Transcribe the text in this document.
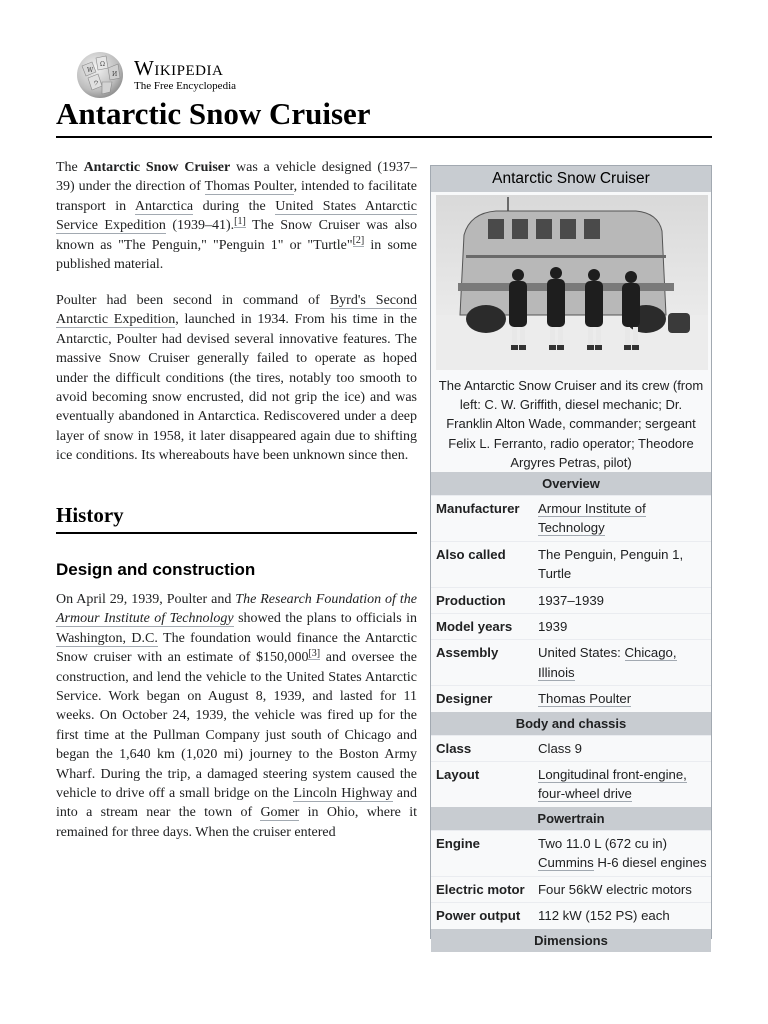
W
Ω
И
ウ
Wikipedia
The Free Encyclopedia
Antarctic Snow Cruiser

The Antarctic Snow Cruiser was a vehicle designed (1937–39) under the direction of Thomas Poulter, intended to facilitate transport in Antarctica during the United States Antarctic Service Expedition (1939–41).[1] The Snow Cruiser was also known as "The Penguin," "Penguin 1" or "Turtle"[2] in some published material.

Poulter had been second in command of Byrd's Second Antarctic Expedition, launched in 1934. From his time in the Antarctic, Poulter had devised several innovative features. The massive Snow Cruiser generally failed to operate as hoped under the difficult conditions (the tires, notably too smooth to avoid becoming snow encrusted, did not grip the ice) and was eventually abandoned in Antarctica. Rediscovered under a deep layer of snow in 1958, it later disappeared again due to shifting ice conditions. Its whereabouts have been unknown since then.

History
Design and construction

On April 29, 1939, Poulter and The Research Foundation of the Armour Institute of Technology showed the plans to officials in Washington, D.C. The foundation would finance the Antarctic Snow cruiser with an estimate of $150,000[3] and oversee the construction, and lend the vehicle to the United States Antarctic Service. Work began on August 8, 1939, and lasted for 11 weeks. On October 24, 1939, the vehicle was fired up for the first time at the Pullman Company just south of Chicago and began the 1,640 km (1,020 mi) journey to the Boston Army Wharf. During the trip, a damaged steering system caused the vehicle to drive off a small bridge on the Lincoln Highway and into a stream near the town of Gomer in Ohio, where it remained for three days. When the cruiser entered

Antarctic Snow Cruiser
The Antarctic Snow Cruiser and its crew (from left: C. W. Griffith, diesel mechanic; Dr. Franklin Alton Wade, commander; sergeant Felix L. Ferranto, radio operator; Theodore Argyres Petras, pilot)
Overview
Manufacturer	Armour Institute of Technology
Also called	The Penguin, Penguin 1, Turtle
Production	1937–1939
Model years	1939
Assembly	United States: Chicago, Illinois
Designer	Thomas Poulter
Body and chassis
Class	Class 9
Layout	Longitudinal front-engine, four-wheel drive
Powertrain
Engine	Two 11.0 L (672 cu in) Cummins H-6 diesel engines
Electric motor	Four 56kW electric motors
Power output	112 kW (152 PS) each
Dimensions
